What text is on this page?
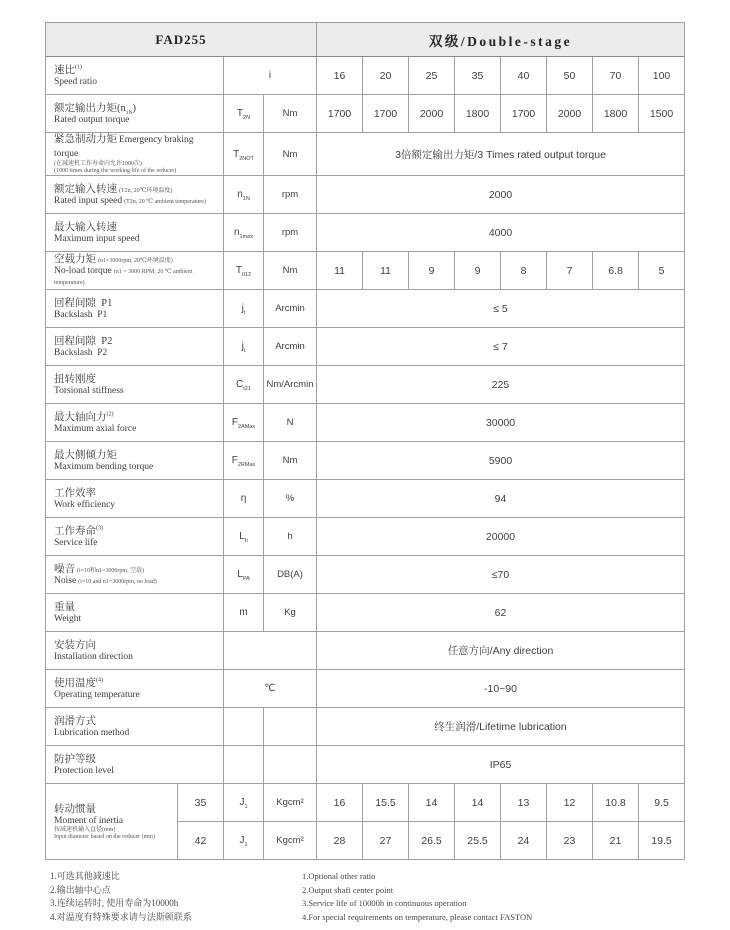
FAD255				双级/Double-stage							

速比$^{(1)}$
Speed ratio		i		16	20	25	35	40	50	70	100

额定输出力矩$(n_{1N})$
Rated output torque		$T_{2N}$	Nm	1700	1700	2000	1800	1700	2000	1800	1500

紧急制动力矩 Emergency braking torque
(在减速机工作寿命内允许1000次)
(1000 times during the working life of the reducer)		$T_{2NOT}$	Nm	3倍额定输出力矩/3 Times rated output torque							

额定输入转速 (T2n, 20℃环境温度)
Rated input speed (T2n, 20 ℃ ambient temperature)		$n_{1N}$	rpm	2000							

最大输入转速
Maximum input speed		$n_{1max}$	rpm	4000							

空载力矩 (n1=3000rpm, 20℃环境温度)
No-load torque (n1 = 3000 RPM, 20 ℃ ambient temperature)		$T_{012}$	Nm	11	11	9	9	8	7	6.8	5

回程间隙  P1
Backslash  P1		$j_t$	Arcmin	≤ 5							

回程间隙  P2
Backslash  P2		$j_t$	Arcmin	≤ 7							

扭转刚度
Torsional stiffness		$C_{t21}$	Nm/Arcmin	225							

最大轴向力$^{(2)}$
Maximum axial force		$F_{2AMax}$	N	30000							

最大侧倾力矩
Maximum bending torque		$F_{2RMax}$	Nm	5900							

工作效率
Work efficiency		η	%	94							

工作寿命$^{(3)}$
Service life		$L_h$	h	20000							

噪音 (i=10和n1=3000rpm, 空载)
Noise (i=10 and n1=3000rpm, no load)		$L_{PA}$	DB(A)	≤70							

重量
Weight		m	Kg	62							

安装方向
Installation direction				任意方向/Any direction							

使用温度$^{(4)}$
Operating temperature		℃		-10~90							

润滑方式
Lubrication method				终生润滑/Lifetime lubrication							

防护等级
Protection level				IP65							

转动惯量
Moment of inertia
按减速机输入直径(mm)
Input diameter based on the reducer (mm)	35	$J_1$	Kgcm²	16	15.5	14	14	13	12	10.8	9.5
	42	$J_1$	Kgcm²	28	27	26.5	25.5	24	23	21	19.5
1.可选其他减速比
2.输出轴中心点
3.连续运转时, 使用寿命为10000h
4.对温度有特殊要求请与法斯顿联系
1.Optional other ratio
2.Output shaft center point
3.Service life of 10000h in continuous operation
4.For special requirements on temperature, please contact FASTON
